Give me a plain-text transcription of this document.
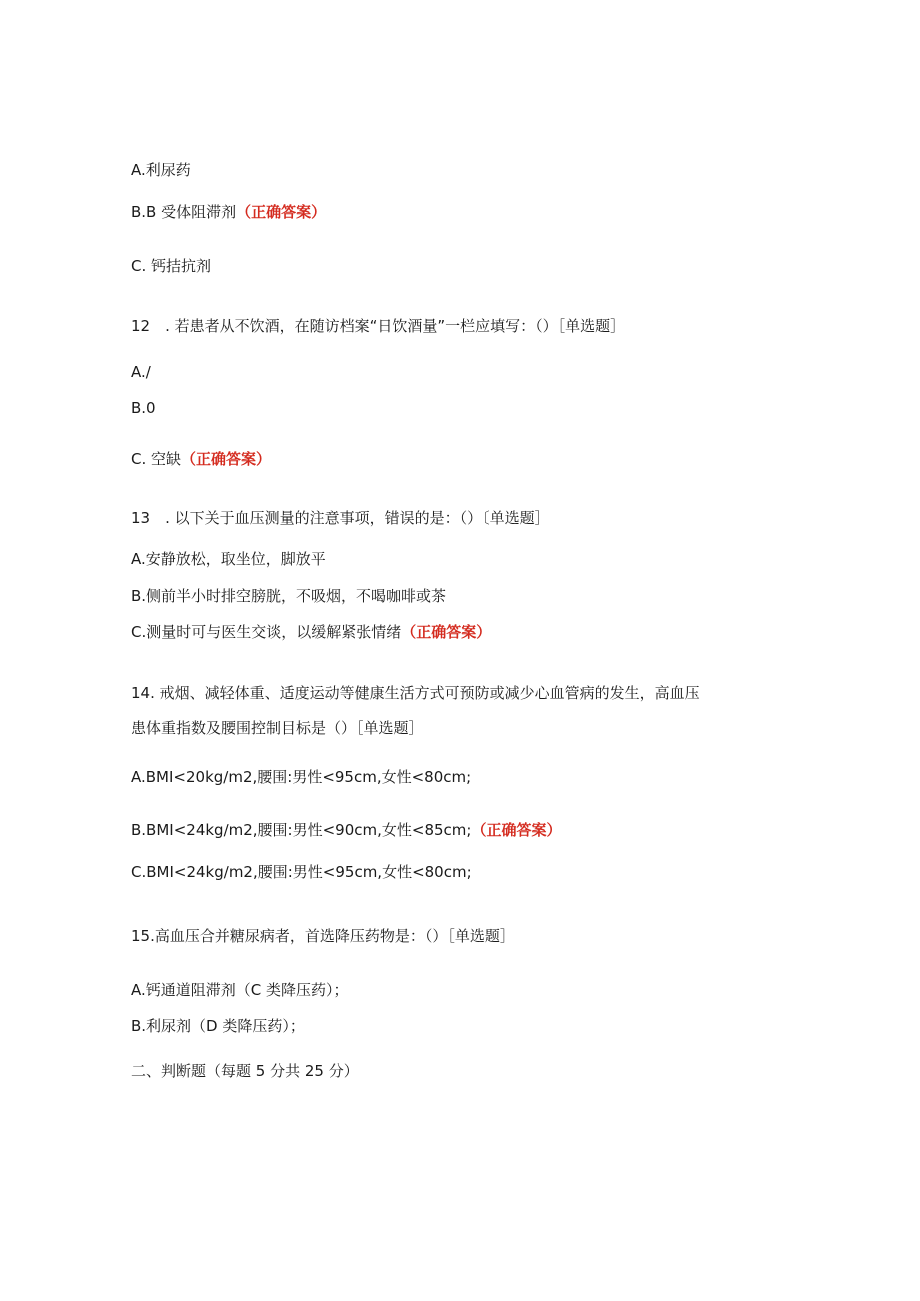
A.利尿药
B.B 受体阻滞剂（正确答案）
C. 钙拮抗剂
12　. 若患者从不饮酒，在随访档案“日饮酒量”一栏应填写：（）［单选题］
A./
B.0
C. 空缺（正确答案）
13　. 以下关于血压测量的注意事项，错误的是：（）〔单选题］
A.安静放松，取坐位，脚放平
B.侧前半小时排空膀胱，不吸烟，不喝咖啡或茶
C.测量时可与医生交谈，以缓解紧张情绪（正确答案）
14. 戒烟、减轻体重、适度运动等健康生活方式可预防或减少心血管病的发生，高血压
患体重指数及腰围控制目标是（）［单选题］
A.BMI<20kg∕m2,腰围:男性<95cm,女性<80cm;
B.BMI<24kg∕m2,腰围:男性<90cm,女性<85cm;（正确答案）
C.BMI<24kg∕m2,腰围:男性<95cm,女性<80cm;
15.高血压合并糖尿病者，首选降压药物是：（）［单选题］
A.钙通道阻滞剂（C 类降压药）；
B.利尿剂（D 类降压药）；
二、判断题（每题 5 分共 25 分）
